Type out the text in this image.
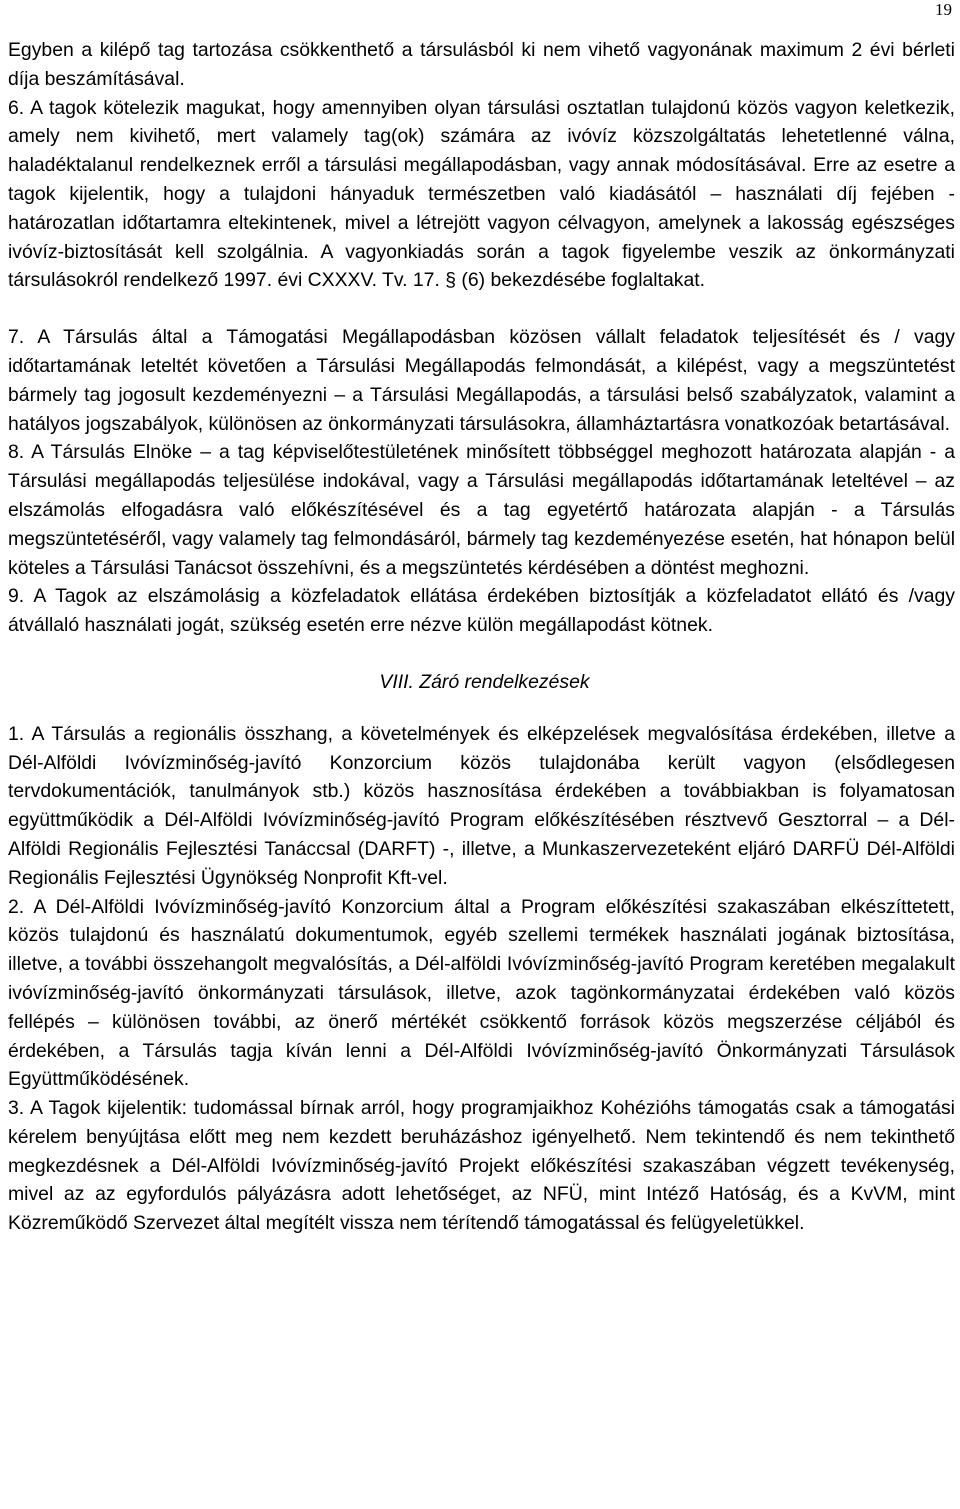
19

Egyben a kilépő tag tartozása csökkenthető a társulásból ki nem vihető vagyonának maximum 2 évi bérleti díja beszámításával.

6. A tagok kötelezik magukat, hogy amennyiben olyan társulási osztatlan tulajdonú közös vagyon keletkezik, amely nem kivihető, mert valamely tag(ok) számára az ivóvíz közszolgáltatás lehetetlenné válna, haladéktalanul rendelkeznek erről a társulási megállapodásban, vagy annak módosításával. Erre az esetre a tagok kijelentik, hogy a tulajdoni hányaduk természetben való kiadásától – használati díj fejében - határozatlan időtartamra eltekintenek, mivel a létrejött vagyon célvagyon, amelynek a lakosság egészséges ivóvíz-biztosítását kell szolgálnia. A vagyonkiadás során a tagok figyelembe veszik az önkormányzati társulásokról rendelkező 1997. évi CXXXV. Tv. 17. § (6) bekezdésébe foglaltakat.

7. A Társulás által a Támogatási Megállapodásban közösen vállalt feladatok teljesítését és / vagy időtartamának leteltét követően a Társulási Megállapodás felmondását, a kilépést, vagy a megszüntetést bármely tag jogosult kezdeményezni – a Társulási Megállapodás, a társulási belső szabályzatok, valamint a hatályos jogszabályok, különösen az önkormányzati társulásokra, államháztartásra vonatkozóak betartásával.

8. A Társulás Elnöke – a tag képviselőtestületének minősített többséggel meghozott határozata alapján - a Társulási megállapodás teljesülése indokával, vagy a Társulási megállapodás időtartamának leteltével – az elszámolás elfogadásra való előkészítésével és a tag egyetértő határozata alapján - a Társulás megszüntetéséről, vagy valamely tag felmondásáról, bármely tag kezdeményezése esetén, hat hónapon belül köteles a Társulási Tanácsot összehívni, és a megszüntetés kérdésében a döntést meghozni.

9. A Tagok az elszámolásig a közfeladatok ellátása érdekében biztosítják a közfeladatot ellátó és /vagy átvállaló használati jogát, szükség esetén erre nézve külön megállapodást kötnek.

VIII. Záró rendelkezések

1. A Társulás a regionális összhang, a követelmények és elképzelések megvalósítása érdekében, illetve a Dél-Alföldi Ivóvízminőség-javító Konzorcium közös tulajdonába került vagyon (elsődlegesen tervdokumentációk, tanulmányok stb.) közös hasznosítása érdekében a továbbiakban is folyamatosan együttműködik a Dél-Alföldi Ivóvízminőség-javító Program előkészítésében résztvevő Gesztorral – a Dél-Alföldi Regionális Fejlesztési Tanáccsal (DARFT) -, illetve, a Munkaszervezeteként eljáró DARFÜ Dél-Alföldi Regionális Fejlesztési Ügynökség Nonprofit Kft-vel.

2. A Dél-Alföldi Ivóvízminőség-javító Konzorcium által a Program előkészítési szakaszában elkészíttetett, közös tulajdonú és használatú dokumentumok, egyéb szellemi termékek használati jogának biztosítása, illetve, a további összehangolt megvalósítás, a Dél-alföldi Ivóvízminőség-javító Program keretében megalakult ivóvízminőség-javító önkormányzati társulások, illetve, azok tagönkormányzatai érdekében való közös fellépés – különösen további, az önerő mértékét csökkentő források közös megszerzése céljából és érdekében, a Társulás tagja kíván lenni a Dél-Alföldi Ivóvízminőség-javító Önkormányzati Társulások Együttműködésének.

3. A Tagok kijelentik: tudomással bírnak arról, hogy programjaikhoz Kohézióhs támogatás csak a támogatási kérelem benyújtása előtt meg nem kezdett beruházáshoz igényelhető. Nem tekintendő és nem tekinthető megkezdésnek a Dél-Alföldi Ivóvízminőség-javító Projekt előkészítési szakaszában végzett tevékenység, mivel az az egyfordulós pályázásra adott lehetőséget, az NFÜ, mint Intéző Hatóság, és a KvVM, mint Közreműködő Szervezet által megítélt vissza nem térítendő támogatással és felügyeletükkel.
